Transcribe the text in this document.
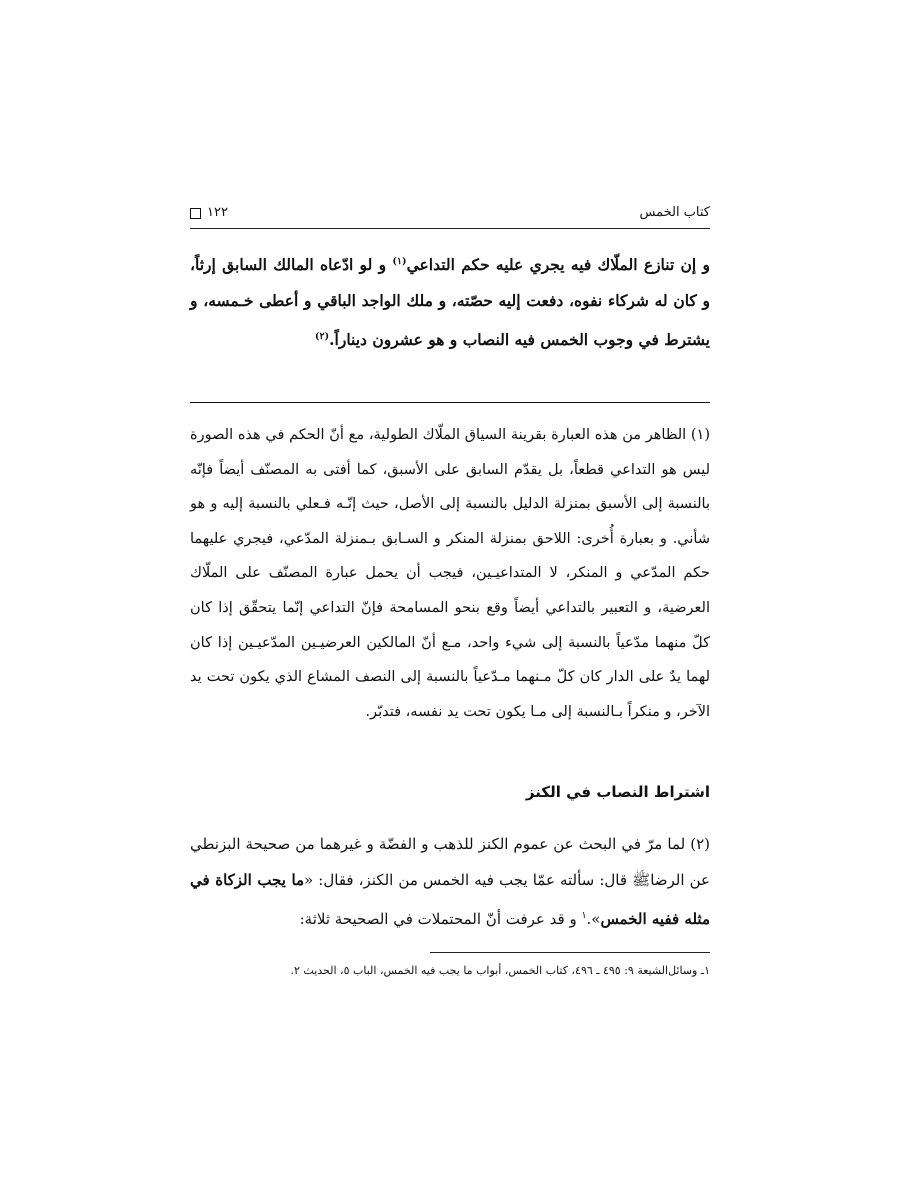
كتاب الخمس
١٢٢
و إن تنازع الملّاك فيه يجري عليه حكم التداعي$^{(١)}$ و لو ادّعاه المالك السابق إرثاً، و كان له شركاء نفوه، دفعت إليه حصّته، و ملك الواجد الباقي و أعطى خـمسه، و يشترط في وجوب الخمس فيه النصاب و هو عشرون ديناراً.$^{(٢)}$

(١) الظاهر من هذه العبارة بقرينة السياق الملّاك الطولية، مع أنّ الحكم في هذه الصورة ليس هو التداعي قطعاً، بل يقدّم السابق على الأسبق، كما أفتى به المصنّف أيضاً فإنّه بالنسبة إلى الأسبق بمنزلة الدليل بالنسبة إلى الأصل، حيث إنّـه فـعلي بالنسبة إليه و هو شأني. و بعبارة أُخرى: اللاحق بمنزلة المنكر و السـابق بـمنزلة المدّعي، فيجري عليهما حكم المدّعي و المنكر، لا المتداعيـين، فيجب أن يحمل عبارة المصنّف على الملّاك العرضية، و التعبير بالتداعي أيضاً وقع بنحو المسامحة فإنّ التداعي إنّما يتحقّق إذا كان كلّ منهما مدّعياً بالنسبة إلى شيء واحد، مـع أنّ المالكين العرضيـين المدّعيـين إذا كان لهما يدٌ على الدار كان كلّ مـنهما مـدّعياً بالنسبة إلى النصف المشاع الذي يكون تحت يد الآخر، و منكراً بـالنسبة إلى مـا يكون تحت يد نفسه، فتدبّر.

اشتراط النصاب في الكنز
(٢) لما مرّ في البحث عن عموم الكنز للذهب و الفضّة و غيرهما من صحيحة البزنطي عن الرضاﷺ قال: سألته عمّا يجب فيه الخمس من الكنز، فقال: «ما يجب الزكاة في مثله ففيه الخمس».$^١$ و قد عرفت أنّ المحتملات في الصحيحة ثلاثة:
١ـ وسائل‌الشيعة ٩: ٤٩٥ ـ ٤٩٦، كتاب الخمس، أبواب ما يجب فيه الخمس، الباب ٥، الحديث ٢.
